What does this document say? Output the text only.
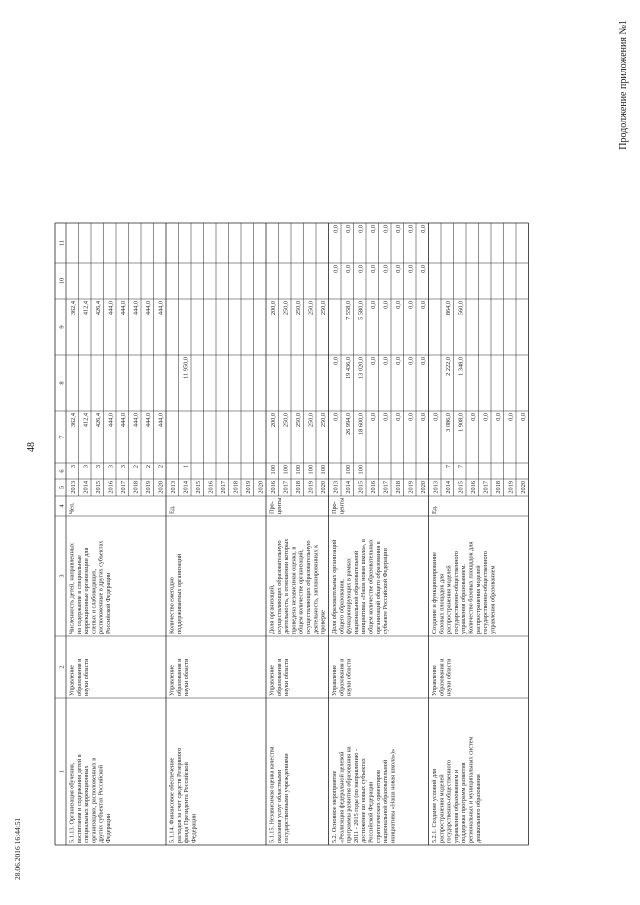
48
Продолжение приложения №1
28.06.2016 16:44:51
1
2
3
4
5
6
7
8
9
10
11
5.1.13. Организация обучения, воспитания и содержания детей в специальных коррекционных организациях, расположенных в других субъектах Российской Федерации
Управление образования и науки области
Численность детей, направленных на содержание в специальные коррекционные организации для слепых и слабовидящих, расположенные в других субъектах Российской Федерации
Чел.
2013
3
362,4
362,4
2014
3
412,4
412,4
2015
3
426,4
426,4
2016
3
444,0
444,0
2017
3
444,0
444,0
2018
2
444,0
444,0
2019
2
444,0
444,0
2020
2
444,0
444,0
5.1.14. Финансовое обеспечение расходов за счет средств Резервного фонда Президента Российской Федерации
Управление образования и науки области
Количество ежегодно поддерживаемых организаций
Ед.
2013 2014
1
11 950,0
2015 2016 2017 2018 2019 2020
5.1.15. Независимая оценка качества оказания услуг областными государственными учреждениями
Управление образования и науки области
Доля организаций, осуществляющих образовательную деятельность, в отношении которых проведена независимая оценка, в общем количестве организаций, осуществляющих образовательную деятельность, запланированных к проверке
Про- центы
2016
100
200,0
200,0
2017
100
250,0
250,0
2018
100
250,0
250,0
2019
100
250,0
250,0
2020
100
250,0
250,0
5.2. Основное мероприятие «Реализация федеральной целевой программы развития образования на 2011 - 2015 годы (по направлению - достижение во новых субъектах Российской Федерации стратегических ориентиров национальной образовательной инициативы «Наша новая школа»)»
Управление образования и науки области
Доля образовательных организаций общего образования, функционирующих в рамках национальной образовательной инициативы «Наша новая школа», в общем количестве образовательных организаций общего образования в субъекте Российской Федерации
Про- центы
2013
0,0
0,0
0,0
0,0
2014
100
26 994,0
19 436,0
7 558,0
0,0
0,0
2015
100
18 600,0
13 020,0
5 580,0
0,0
0,0
2016
0,0
0,0
0,0
0,0
0,0
2017
0,0
0,0
0,0
0,0
0,0
2018
0,0
0,0
0,0
0,0
0,0
2019
0,0
0,0
0,0
0,0
0,0
2020
0,0
0,0
0,0
0,0
0,0
5.2.1. Создание условий для распространения моделей государственно-общественного управления образованием и поддержка программ развития региональных и муниципальных систем дошкольного образования
Управление образования и науки области
Создание и функционирование базовых площадок для распространения моделей государственно-общественного управления образованием. Количество базовых площадок для распространения моделей государственно-общественного управления образованием
Ед.
2013
0,0
2014
7
3 086,0
2 222,0
864,0
2015
7
1 908,0
1 348,0
560,0
2016
0,0
2017
0,0
2018
0,0
2019
0,0
2020
0,0
